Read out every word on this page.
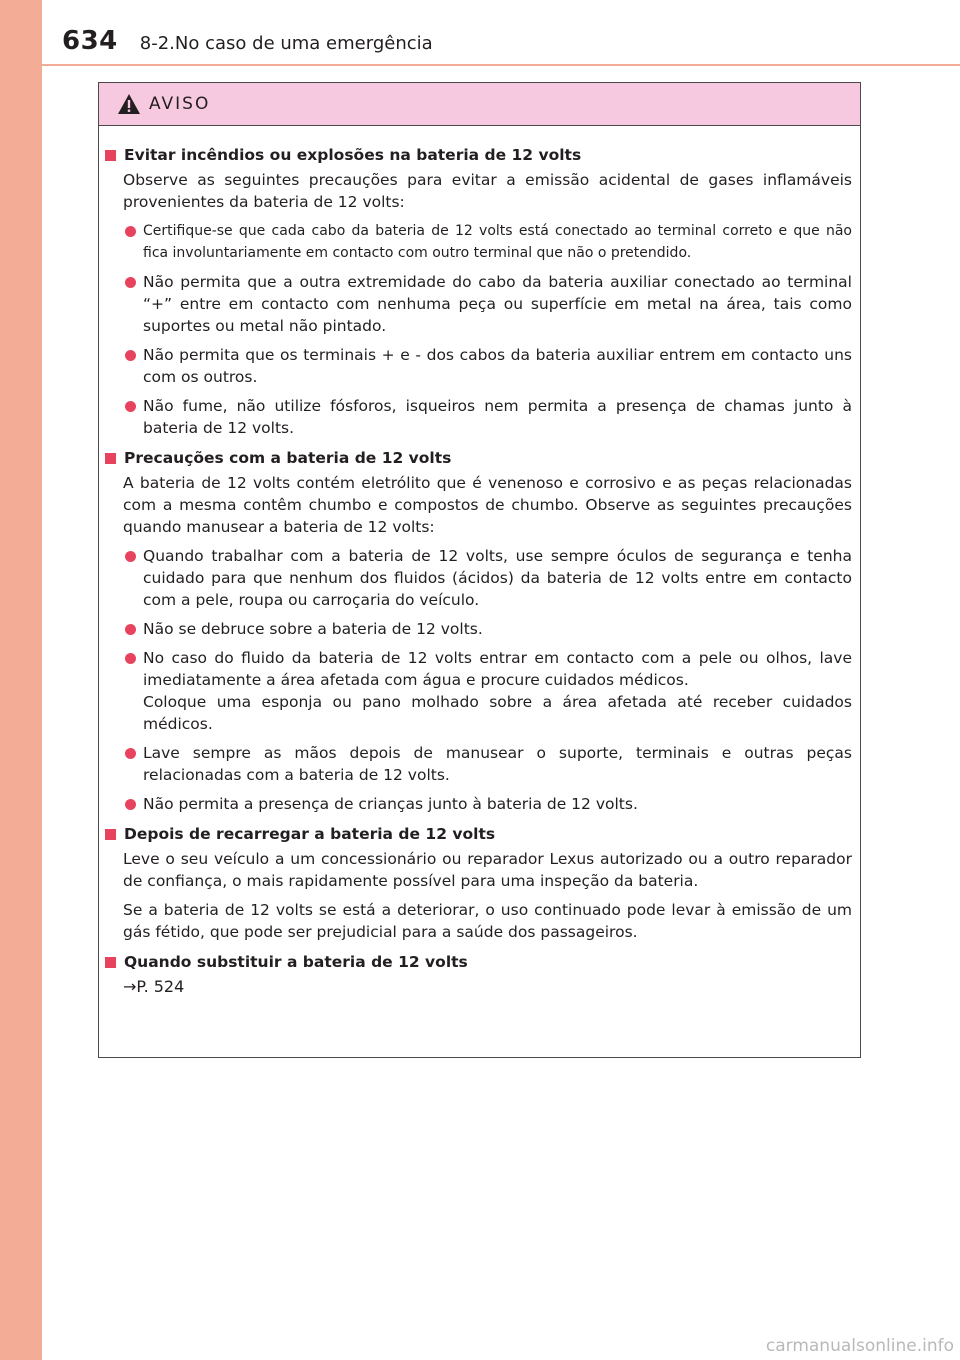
634 8-2.No caso de uma emergência
AVISO
Evitar incêndios ou explosões na bateria de 12 volts
Observe as seguintes precauções para evitar a emissão acidental de gases inflamáveis provenientes da bateria de 12 volts:
Certifique-se que cada cabo da bateria de 12 volts está conectado ao terminal correto e que não fica involuntariamente em contacto com outro terminal que não o pretendido.
Não permita que a outra extremidade do cabo da bateria auxiliar conectado ao terminal “+” entre em contacto com nenhuma peça ou superfície em metal na área, tais como suportes ou metal não pintado.
Não permita que os terminais + e - dos cabos da bateria auxiliar entrem em contacto uns com os outros.
Não fume, não utilize fósforos, isqueiros nem permita a presença de chamas junto à bateria de 12 volts.
Precauções com a bateria de 12 volts
A bateria de 12 volts contém eletrólito que é venenoso e corrosivo e as peças relacionadas com a mesma contêm chumbo e compostos de chumbo. Observe as seguintes precauções quando manusear a bateria de 12 volts:
Quando trabalhar com a bateria de 12 volts, use sempre óculos de segurança e tenha cuidado para que nenhum dos fluidos (ácidos) da bateria de 12 volts entre em contacto com a pele, roupa ou carroçaria do veículo.
Não se debruce sobre a bateria de 12 volts.
No caso do fluido da bateria de 12 volts entrar em contacto com a pele ou olhos, lave imediatamente a área afetada com água e procure cuidados médicos.
Coloque uma esponja ou pano molhado sobre a área afetada até receber cuidados médicos.
Lave sempre as mãos depois de manusear o suporte, terminais e outras peças relacionadas com a bateria de 12 volts.
Não permita a presença de crianças junto à bateria de 12 volts.
Depois de recarregar a bateria de 12 volts
Leve o seu veículo a um concessionário ou reparador Lexus autorizado ou a outro reparador de confiança, o mais rapidamente possível para uma inspeção da bateria.
Se a bateria de 12 volts se está a deteriorar, o uso continuado pode levar à emissão de um gás fétido, que pode ser prejudicial para a saúde dos passageiros.
Quando substituir a bateria de 12 volts
→P. 524
carmanualsonline.info
